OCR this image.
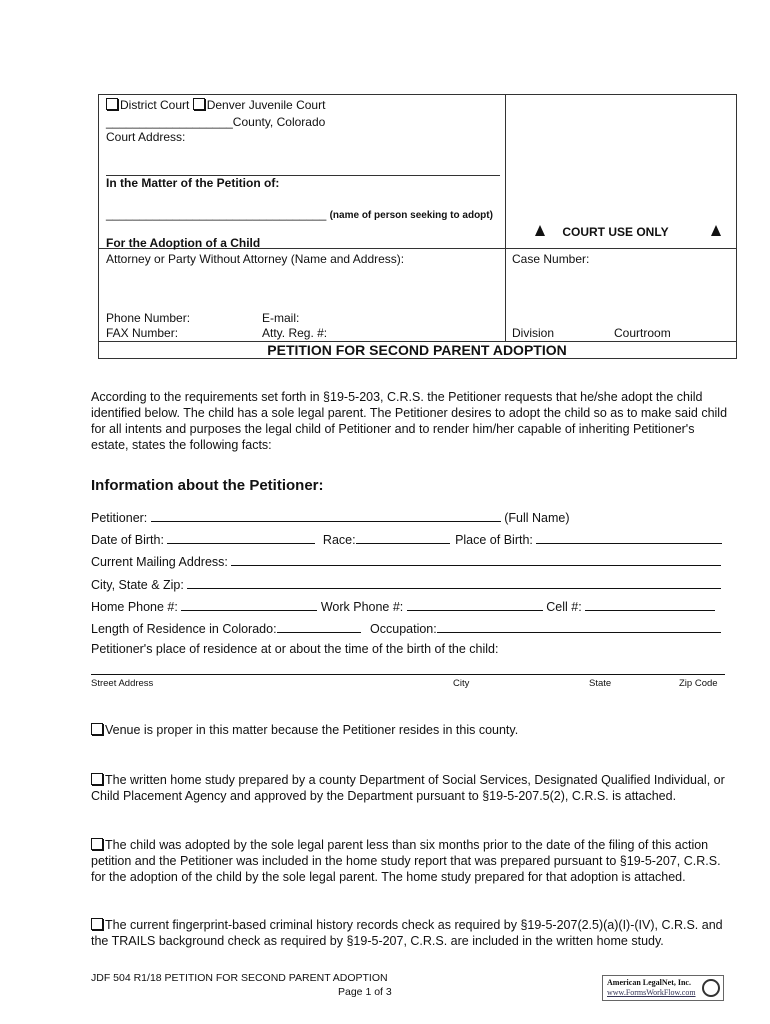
District Court Denver Juvenile Court
___________________County, Colorado
Court Address:
In the Matter of the Petition of:
_________________________________ (name of person seeking to adopt)
For the Adoption of a Child
COURT USE ONLY
Attorney or Party Without Attorney (Name and Address):	Case Number:
Phone Number:	E-mail:
FAX Number:	Atty. Reg. #:	Division	Courtroom
PETITION FOR SECOND PARENT ADOPTION
According to the requirements set forth in §19-5-203, C.R.S. the Petitioner requests that he/she adopt the child identified below. The child has a sole legal parent. The Petitioner desires to adopt the child so as to make said child for all intents and purposes the legal child of Petitioner and to render him/her capable of inheriting Petitioner's estate, states the following facts:
Information about the Petitioner:
Petitioner:	(Full Name)
Date of Birth:	Race:	Place of Birth:
Current Mailing Address:
City, State & Zip:
Home Phone #:	Work Phone #:	Cell #:
Length of Residence in Colorado:	Occupation:
Petitioner's place of residence at or about the time of the birth of the child:
Street Address	City	State	Zip Code
Venue is proper in this matter because the Petitioner resides in this county.
The written home study prepared by a county Department of Social Services, Designated Qualified Individual, or Child Placement Agency and approved by the Department pursuant to §19-5-207.5(2), C.R.S. is attached.
The child was adopted by the sole legal parent less than six months prior to the date of the filing of this action petition and the Petitioner was included in the home study report that was prepared pursuant to §19-5-207, C.R.S. for the adoption of the child by the sole legal parent. The home study prepared for that adoption is attached.
The current fingerprint-based criminal history records check as required by §19-5-207(2.5)(a)(I)-(IV), C.R.S. and the TRAILS background check as required by §19-5-207, C.R.S. are included in the written home study.
JDF 504 R1/18 PETITION FOR SECOND PARENT ADOPTION
Page 1 of 3
American LegalNet, Inc.
www.FormsWorkFlow.com
